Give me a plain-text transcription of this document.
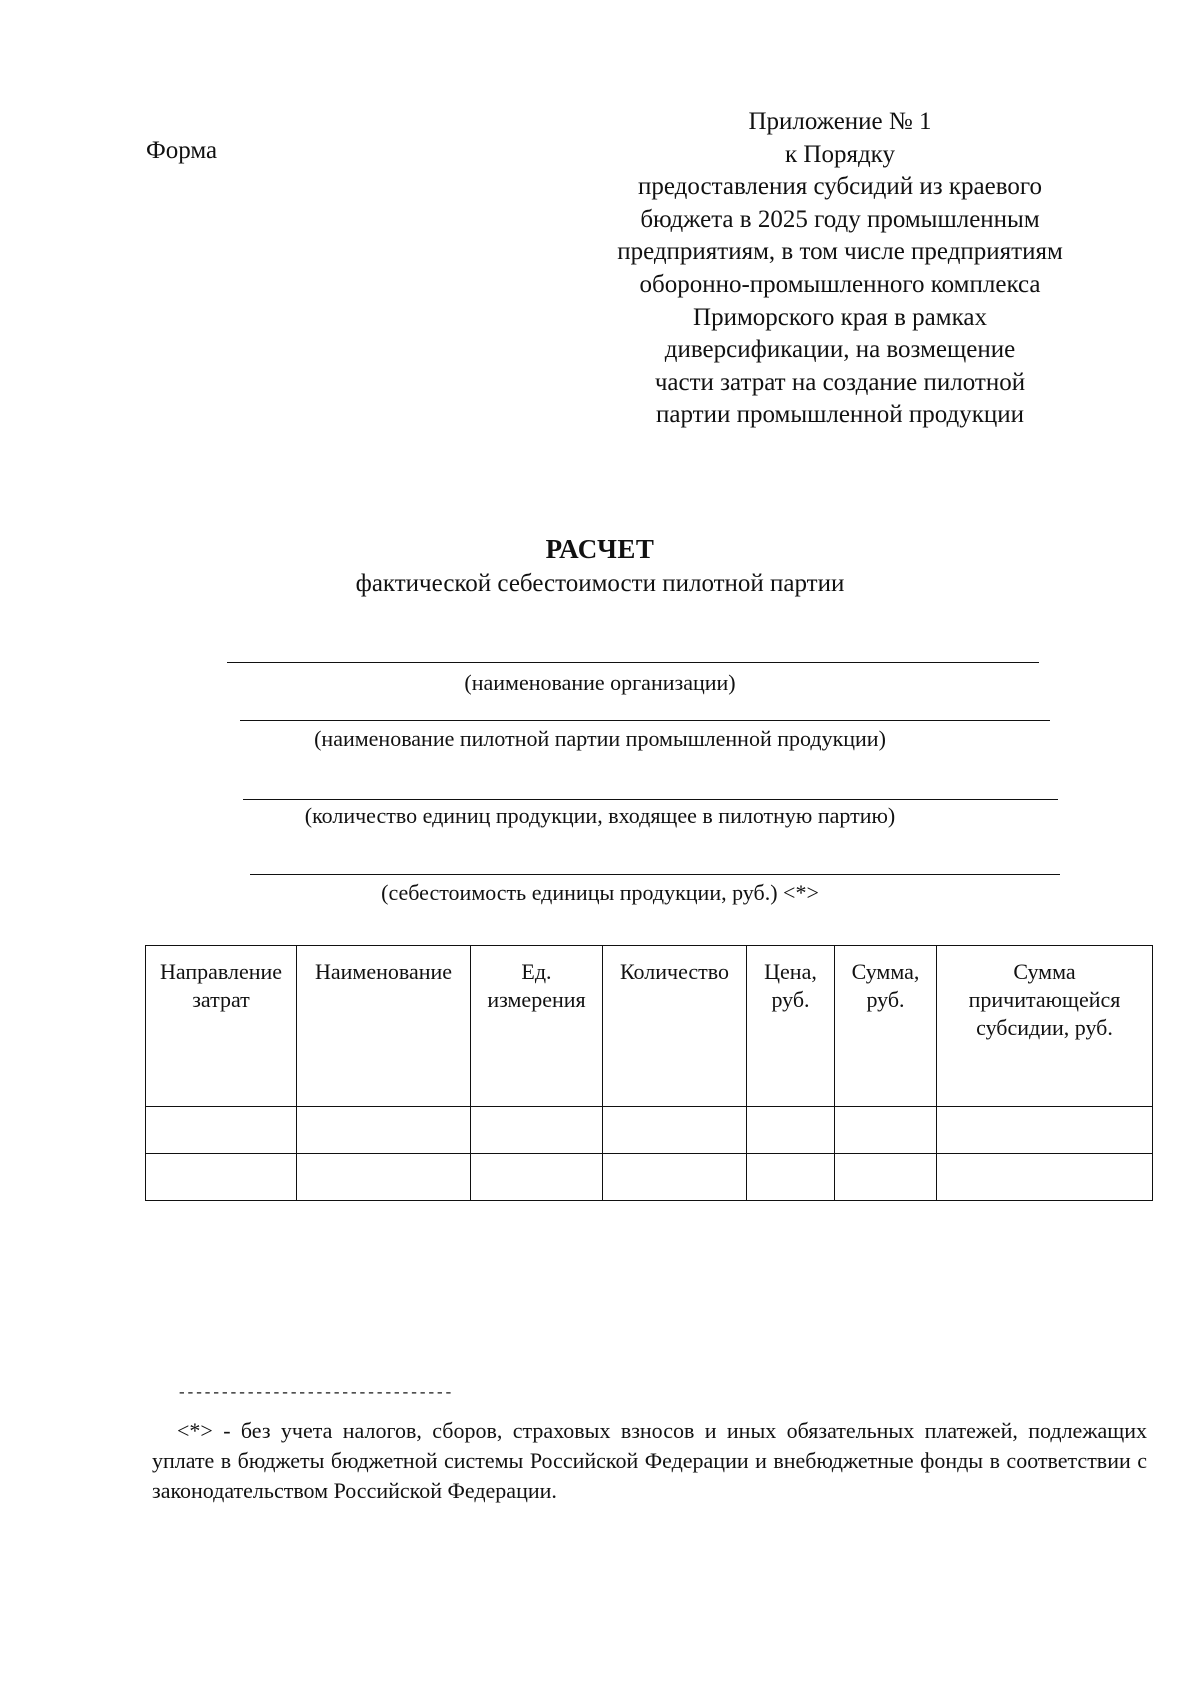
Форма
Приложение № 1
к Порядку
предоставления субсидий из краевого
бюджета в 2025 году промышленным
предприятиям, в том числе предприятиям
оборонно-промышленного комплекса
Приморского края в рамках
диверсификации, на возмещение
части затрат на создание пилотной
партии промышленной продукции
РАСЧЕТ
фактической себестоимости пилотной партии
(наименование организации)
(наименование пилотной партии промышленной продукции)
(количество единиц продукции, входящее в пилотную партию)
(себестоимость единицы продукции, руб.) <*>
Направление затрат	Наименование	Ед. измерения	Количество	Цена, руб.	Сумма, руб.	Сумма причитающейся субсидии, руб.

--------------------------------
<*> - без учета налогов, сборов, страховых взносов и иных обязательных платежей, подлежащих уплате в бюджеты бюджетной системы Российской Федерации и внебюджетные фонды в соответствии с законодательством Российской Федерации.
